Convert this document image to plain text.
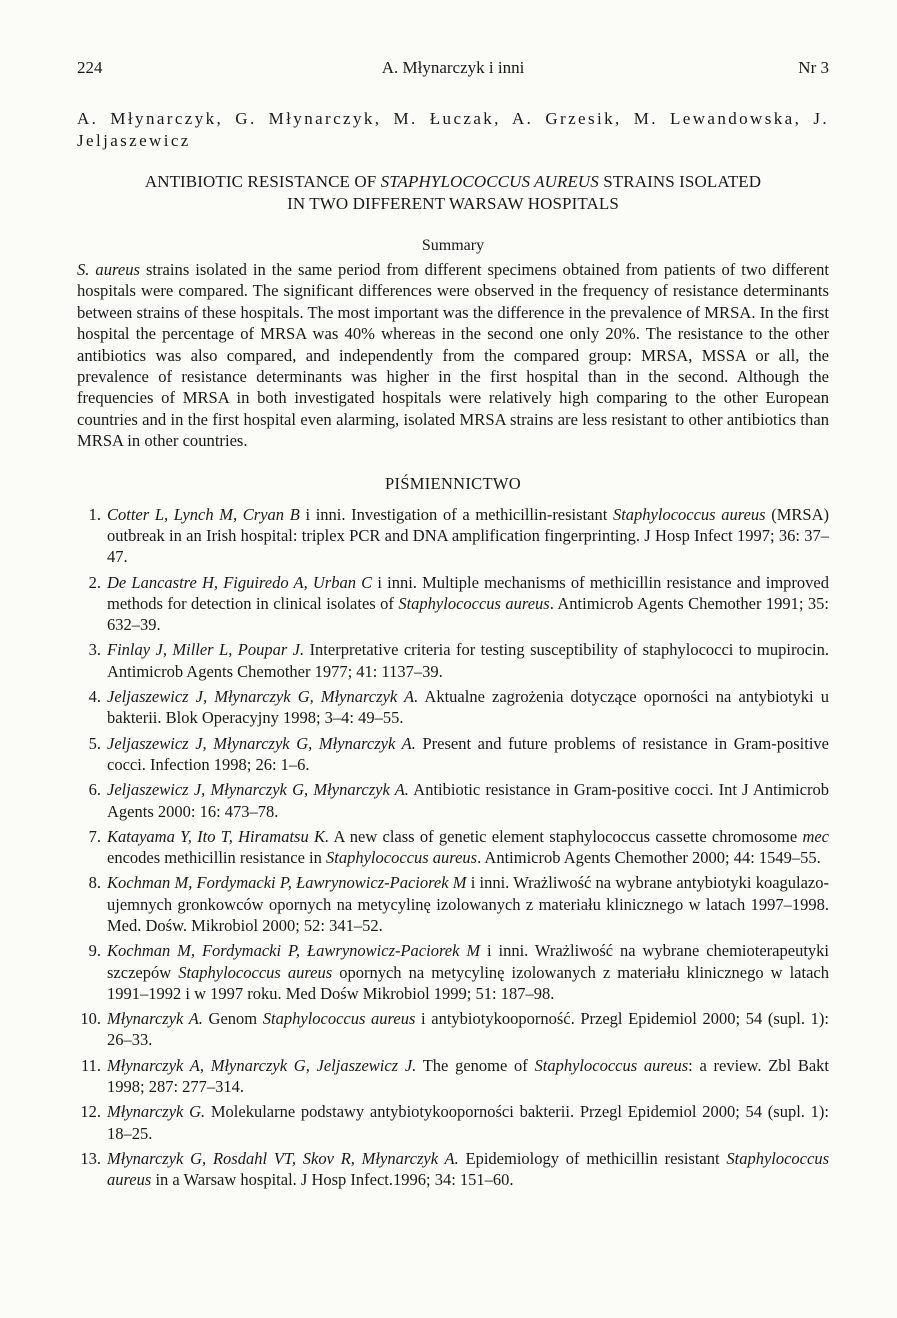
224	A. Młynarczyk i inni	Nr 3
A. Młynarczyk, G. Młynarczyk, M. Łuczak, A. Grzesik, M. Lewandowska, J. Jeljaszewicz
ANTIBIOTIC RESISTANCE OF STAPHYLOCOCCUS AUREUS STRAINS ISOLATED
IN TWO DIFFERENT WARSAW HOSPITALS
Summary
S. aureus strains isolated in the same period from different specimens obtained from patients of two different hospitals were compared. The significant differences were observed in the frequency of resistance determinants between strains of these hospitals. The most important was the difference in the prevalence of MRSA. In the first hospital the percentage of MRSA was 40% whereas in the second one only 20%. The resistance to the other antibiotics was also compared, and independently from the compared group: MRSA, MSSA or all, the prevalence of resistance determinants was higher in the first hospital than in the second. Although the frequencies of MRSA in both investigated hospitals were relatively high comparing to the other European countries and in the first hospital even alarming, isolated MRSA strains are less resistant to other antibiotics than MRSA in other countries.
PIŚMIENNICTWO
1. Cotter L, Lynch M, Cryan B i inni. Investigation of a methicillin-resistant Staphylococcus aureus (MRSA) outbreak in an Irish hospital: triplex PCR and DNA amplification fingerprinting. J Hosp Infect 1997; 36: 37–47.
2. De Lancastre H, Figuiredo A, Urban C i inni. Multiple mechanisms of methicillin resistance and improved methods for detection in clinical isolates of Staphylococcus aureus. Antimicrob Agents Chemother 1991; 35: 632–39.
3. Finlay J, Miller L, Poupar J. Interpretative criteria for testing susceptibility of staphylococci to mupirocin. Antimicrob Agents Chemother 1977; 41: 1137–39.
4. Jeljaszewicz J, Młynarczyk G, Młynarczyk A. Aktualne zagrożenia dotyczące oporności na antybiotyki u bakterii. Blok Operacyjny 1998; 3–4: 49–55.
5. Jeljaszewicz J, Młynarczyk G, Młynarczyk A. Present and future problems of resistance in Gram-positive cocci. Infection 1998; 26: 1–6.
6. Jeljaszewicz J, Młynarczyk G, Młynarczyk A. Antibiotic resistance in Gram-positive cocci. Int J Antimicrob Agents 2000: 16: 473–78.
7. Katayama Y, Ito T, Hiramatsu K. A new class of genetic element staphylococcus cassette chromosome mec encodes methicillin resistance in Staphylococcus aureus. Antimicrob Agents Chemother 2000; 44: 1549–55.
8. Kochman M, Fordymacki P, Ławrynowicz-Paciorek M i inni. Wrażliwość na wybrane antybiotyki koagulazo-ujemnych gronkowców opornych na metycylinę izolowanych z materiału klinicznego w latach 1997–1998. Med. Dośw. Mikrobiol 2000; 52: 341–52.
9. Kochman M, Fordymacki P, Ławrynowicz-Paciorek M i inni. Wrażliwość na wybrane chemioterapeutyki szczepów Staphylococcus aureus opornych na metycylinę izolowanych z materiału klinicznego w latach 1991–1992 i w 1997 roku. Med Dośw Mikrobiol 1999; 51: 187–98.
10. Młynarczyk A. Genom Staphylococcus aureus i antybiotykooporność. Przegl Epidemiol 2000; 54 (supl. 1): 26–33.
11. Młynarczyk A, Młynarczyk G, Jeljaszewicz J. The genome of Staphylococcus aureus: a review. Zbl Bakt 1998; 287: 277–314.
12. Młynarczyk G. Molekularne podstawy antybiotykooporności bakterii. Przegl Epidemiol 2000; 54 (supl. 1): 18–25.
13. Młynarczyk G, Rosdahl VT, Skov R, Młynarczyk A. Epidemiology of methicillin resistant Staphylococcus aureus in a Warsaw hospital. J Hosp Infect.1996; 34: 151–60.
